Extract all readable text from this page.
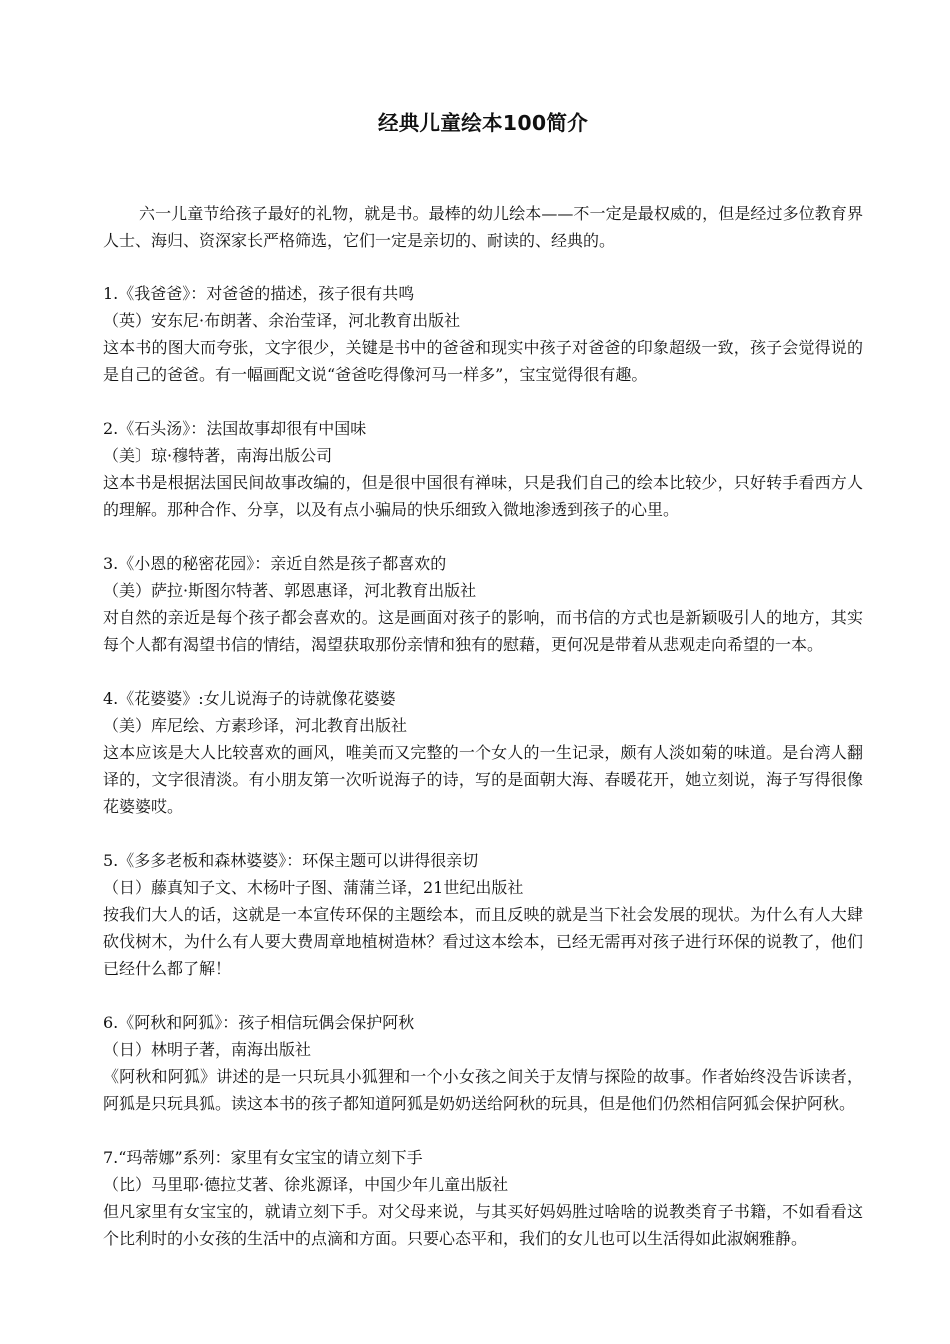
经典儿童绘本100简介

六一儿童节给孩子最好的礼物，就是书。最棒的幼儿绘本——不一定是最权威的，但是经过多位教育界人士、海归、资深家长严格筛选，它们一定是亲切的、耐读的、经典的。

1.《我爸爸》：对爸爸的描述，孩子很有共鸣

（英）安东尼·布朗著、余治莹译，河北教育出版社

这本书的图大而夸张，文字很少，关键是书中的爸爸和现实中孩子对爸爸的印象超级一致，孩子会觉得说的是自己的爸爸。有一幅画配文说“爸爸吃得像河马一样多”，宝宝觉得很有趣。

2.《石头汤》：法国故事却很有中国味

（美〕琼·穆特著，南海出版公司

这本书是根据法国民间故事改编的，但是很中国很有禅味，只是我们自己的绘本比较少，只好转手看西方人的理解。那种合作、分享，以及有点小骗局的快乐细致入微地渗透到孩子的心里。

3.《小恩的秘密花园》：亲近自然是孩子都喜欢的

（美）萨拉·斯图尔特著、郭恩惠译，河北教育出版社

对自然的亲近是每个孩子都会喜欢的。这是画面对孩子的影响，而书信的方式也是新颖吸引人的地方，其实每个人都有渴望书信的情结，渴望获取那份亲情和独有的慰藉，更何况是带着从悲观走向希望的一本。

4.《花婆婆》:女儿说海子的诗就像花婆婆

（美）库尼绘、方素珍译，河北教育出版社

这本应该是大人比较喜欢的画风，唯美而又完整的一个女人的一生记录，颇有人淡如菊的味道。是台湾人翻译的，文字很清淡。有小朋友第一次听说海子的诗，写的是面朝大海、春暖花开，她立刻说，海子写得很像花婆婆哎。

5.《多多老板和森林婆婆》：环保主题可以讲得很亲切

（日）藤真知子文、木杨叶子图、蒲蒲兰译，21世纪出版社

按我们大人的话，这就是一本宣传环保的主题绘本，而且反映的就是当下社会发展的现状。为什么有人大肆砍伐树木，为什么有人要大费周章地植树造林？看过这本绘本，已经无需再对孩子进行环保的说教了，他们已经什么都了解！

6.《阿秋和阿狐》：孩子相信玩偶会保护阿秋

（日）林明子著，南海出版社

《阿秋和阿狐》讲述的是一只玩具小狐狸和一个小女孩之间关于友情与探险的故事。作者始终没告诉读者，阿狐是只玩具狐。读这本书的孩子都知道阿狐是奶奶送给阿秋的玩具，但是他们仍然相信阿狐会保护阿秋。

7.“玛蒂娜”系列：家里有女宝宝的请立刻下手

（比）马里耶·德拉艾著、徐兆源译，中国少年儿童出版社

但凡家里有女宝宝的，就请立刻下手。对父母来说，与其买好妈妈胜过啥啥的说教类育子书籍，不如看看这个比利时的小女孩的生活中的点滴和方面。只要心态平和，我们的女儿也可以生活得如此淑娴雅静。
